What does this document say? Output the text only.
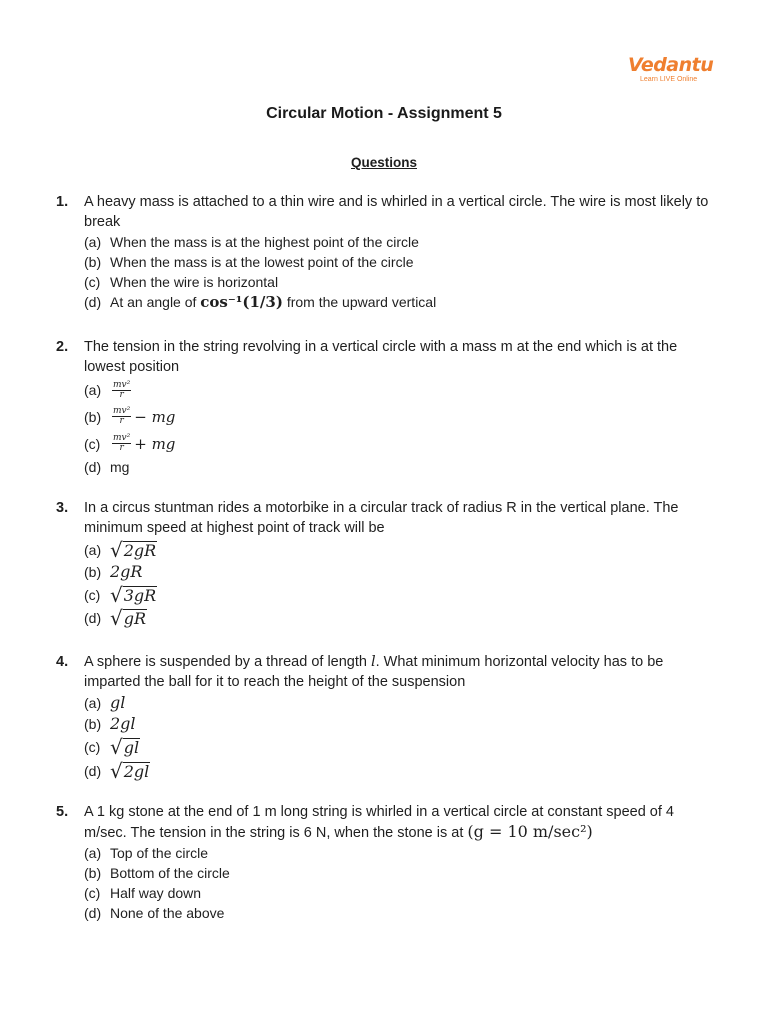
Vedantu
Learn LIVE Online
Circular Motion - Assignment 5
Questions
1. A heavy mass is attached to a thin wire and is whirled in a vertical circle. The wire is most likely to break
(a) When the mass is at the highest point of the circle
(b) When the mass is at the lowest point of the circle
(c) When the wire is horizontal
(d) At an angle of
cos⁻¹(1/3)
from the upward vertical
2. The tension in the string revolving in a vertical circle with a mass m at the end which is at the lowest position
(a)	$\frac{\text{mv²}}{r}$
(b)	$\frac{\text{mv²}}{r}$ − mg
(c)	$\frac{\text{mv²}}{r}$ + mg
(d) mg
3. In a circus stuntman rides a motorbike in a circular track of radius R in the vertical plane. The minimum speed at highest point of track will be
(a) √ 2gR
(b) 2gR
(c) √ 3gR
(d) √ gR
4. A sphere is suspended by a thread of length l. What minimum horizontal velocity has to be imparted the ball for it to reach the height of the suspension
(a) gl
(b) 2gl
(c) √ gl
(d) √ 2gl
5. A 1 kg stone at the end of 1 m long string is whirled in a vertical circle at constant speed of 4 m/sec. The tension in the string is 6 N, when the stone is at (g = 10 m/sec²)
(a) Top of the circle
(b) Bottom of the circle
(c) Half way down
(d) None of the above
